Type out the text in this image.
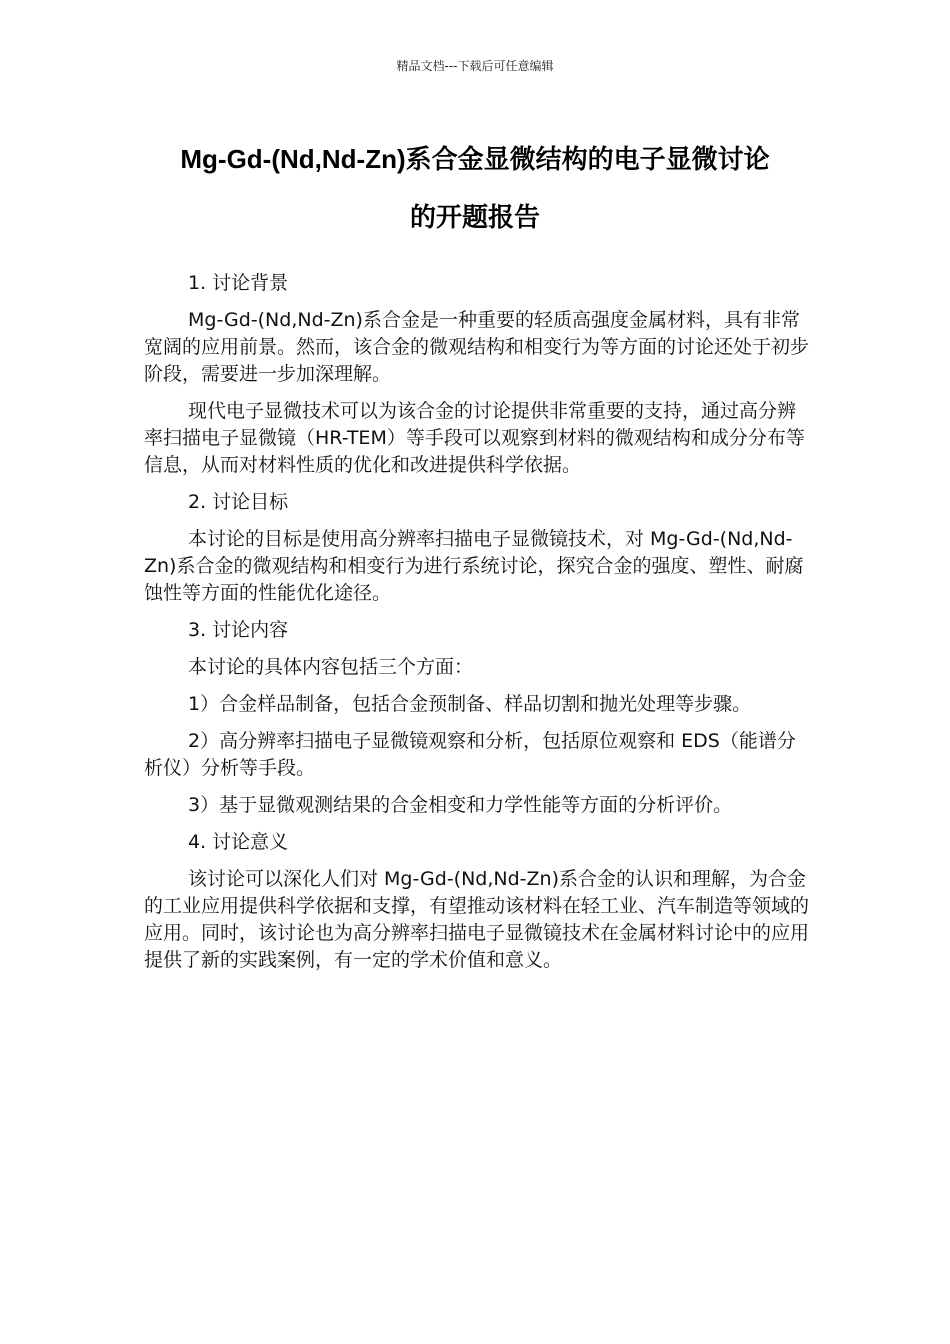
精品文档---下载后可任意编辑
Mg-Gd-(Nd,Nd-Zn)系合金显微结构的电子显微讨论
的开题报告

1. 讨论背景

Mg-Gd-(Nd,Nd-Zn)系合金是一种重要的轻质高强度金属材料，具有非常宽阔的应用前景。然而，该合金的微观结构和相变行为等方面的讨论还处于初步阶段，需要进一步加深理解。

现代电子显微技术可以为该合金的讨论提供非常重要的支持，通过高分辨率扫描电子显微镜（HR-TEM）等手段可以观察到材料的微观结构和成分分布等信息，从而对材料性质的优化和改进提供科学依据。

2. 讨论目标

本讨论的目标是使用高分辨率扫描电子显微镜技术，对 Mg-Gd-(Nd,Nd-Zn)系合金的微观结构和相变行为进行系统讨论，探究合金的强度、塑性、耐腐蚀性等方面的性能优化途径。

3. 讨论内容

本讨论的具体内容包括三个方面：

1）合金样品制备，包括合金预制备、样品切割和抛光处理等步骤。

2）高分辨率扫描电子显微镜观察和分析，包括原位观察和 EDS（能谱分析仪）分析等手段。

3）基于显微观测结果的合金相变和力学性能等方面的分析评价。

4. 讨论意义

该讨论可以深化人们对 Mg-Gd-(Nd,Nd-Zn)系合金的认识和理解，为合金的工业应用提供科学依据和支撑，有望推动该材料在轻工业、汽车制造等领域的应用。同时，该讨论也为高分辨率扫描电子显微镜技术在金属材料讨论中的应用提供了新的实践案例，有一定的学术价值和意义。
